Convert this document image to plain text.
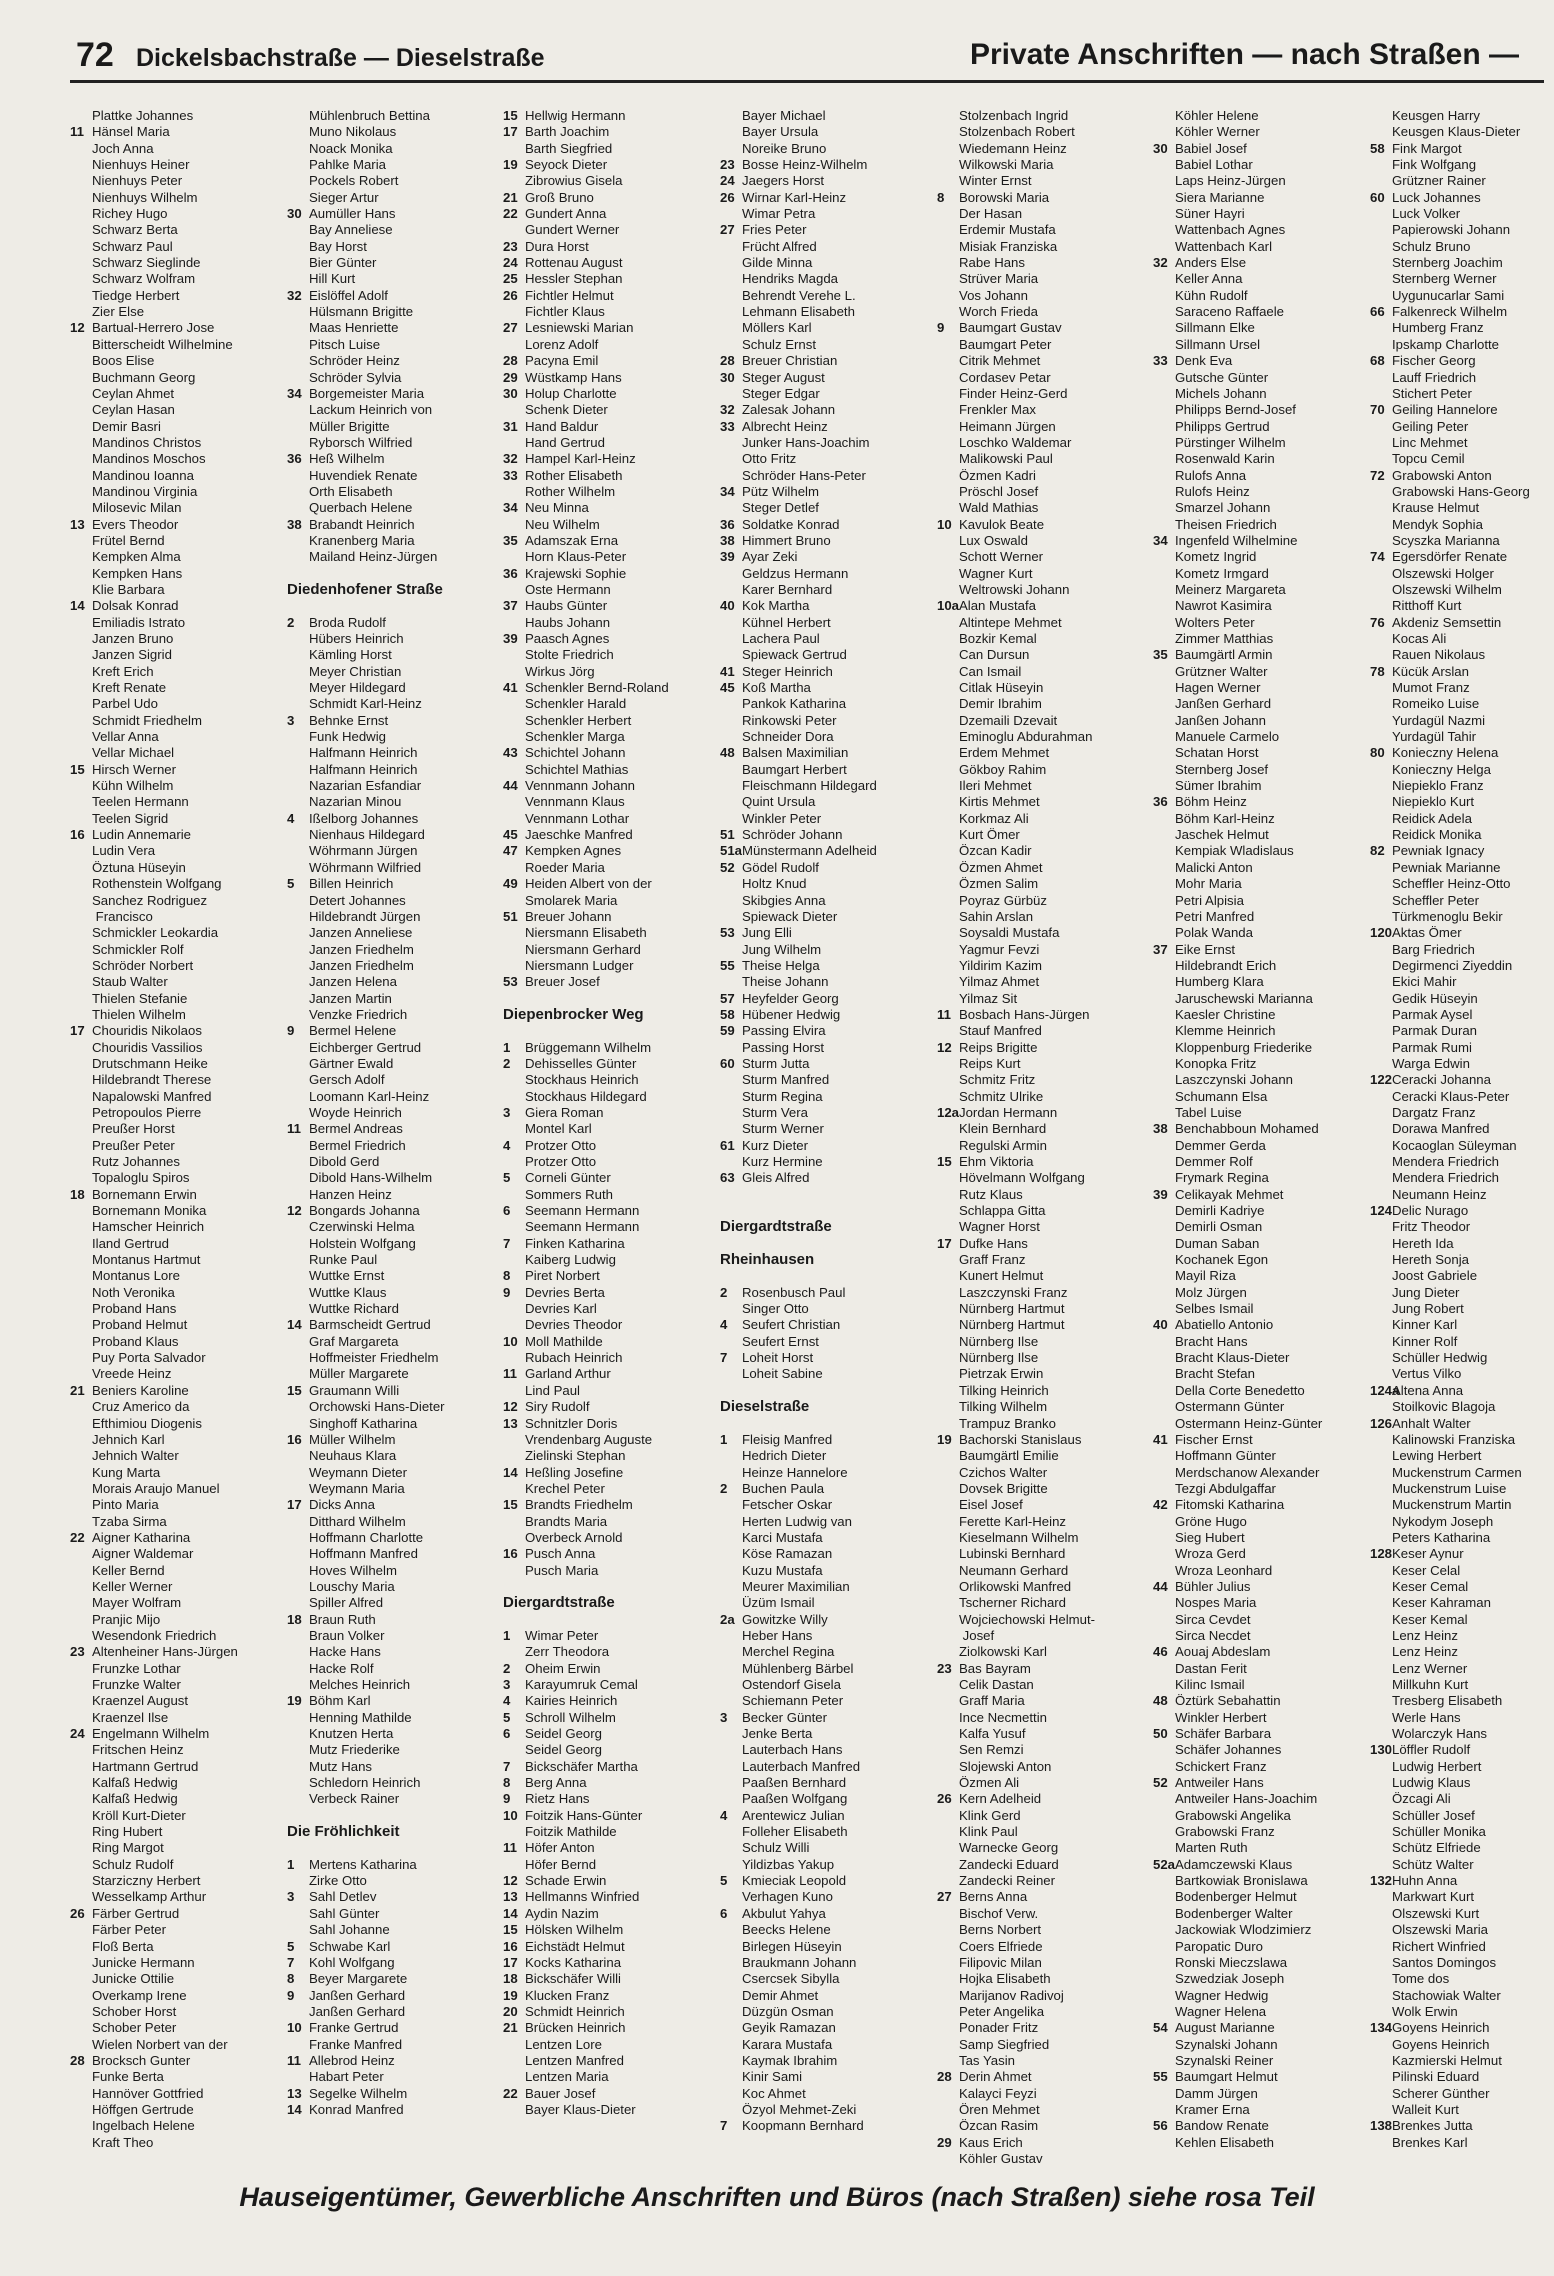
72 Dickelsbachstraße — Dieselstraße	Private Anschriften — nach Straßen —
Plattke Johannes
11 Hänsel Maria
Joch Anna
Nienhuys Heiner
Nienhuys Peter
Nienhuys Wilhelm
Richey Hugo
Schwarz Berta
Schwarz Paul
Schwarz Sieglinde
Schwarz Wolfram
Tiedge Herbert
Zier Else
12 Bartual-Herrero Jose
Bitterscheidt Wilhelmine
Boos Elise
Buchmann Georg
Ceylan Ahmet
Ceylan Hasan
Demir Basri
Mandinos Christos
Mandinos Moschos
Mandinou Ioanna
Mandinou Virginia
Milosevic Milan
13 Evers Theodor
Frütel Bernd
Kempken Alma
Kempken Hans
Klie Barbara
14 Dolsak Konrad
Emiliadis Istrato
Janzen Bruno
Janzen Sigrid
Kreft Erich
Kreft Renate
Parbel Udo
Schmidt Friedhelm
Vellar Anna
Vellar Michael
15 Hirsch Werner
Kühn Wilhelm
Teelen Hermann
Teelen Sigrid
16 Ludin Annemarie
Ludin Vera
Öztuna Hüseyin
Rothenstein Wolfgang
Sanchez Rodriguez
Francisco
Schmickler Leokardia
Schmickler Rolf
Schröder Norbert
Staub Walter
Thielen Stefanie
Thielen Wilhelm
17 Chouridis Nikolaos
Chouridis Vassilios
Drutschmann Heike
Hildebrandt Therese
Napalowski Manfred
Petropoulos Pierre
Preußer Horst
Preußer Peter
Rutz Johannes
Topaloglu Spiros
18 Bornemann Erwin
Bornemann Monika
Hamscher Heinrich
Iland Gertrud
Montanus Hartmut
Montanus Lore
Noth Veronika
Proband Hans
Proband Helmut
Proband Klaus
Puy Porta Salvador
Vreede Heinz
21 Beniers Karoline
Cruz Americo da
Efthimiou Diogenis
Jehnich Karl
Jehnich Walter
Kung Marta
Morais Araujo Manuel
Pinto Maria
Tzaba Sirma
22 Aigner Katharina
Aigner Waldemar
Keller Bernd
Keller Werner
Mayer Wolfram
Pranjic Mijo
Wesendonk Friedrich
23 Altenheiner Hans-Jürgen
Frunzke Lothar
Frunzke Walter
Kraenzel August
Kraenzel Ilse
24 Engelmann Wilhelm
Fritschen Heinz
Hartmann Gertrud
Kalfaß Hedwig
Kalfaß Hedwig
Kröll Kurt-Dieter
Ring Hubert
Ring Margot
Schulz Rudolf
Starziczny Herbert
Wesselkamp Arthur
26 Färber Gertrud
Färber Peter
Floß Berta
Junicke Hermann
Junicke Ottilie
Overkamp Irene
Schober Horst
Schober Peter
Wielen Norbert van der
28 Brocksch Gunter
Funke Berta
Hannöver Gottfried
Höffgen Gertrude
Ingelbach Helene
Kraft Theo
Mühlenbruch Bettina
Muno Nikolaus
Noack Monika
Pahlke Maria
Pockels Robert
Sieger Artur
30 Aumüller Hans
Bay Anneliese
Bay Horst
Bier Günter
Hill Kurt
32 Eislöffel Adolf
Hülsmann Brigitte
Maas Henriette
Pitsch Luise
Schröder Heinz
Schröder Sylvia
34 Borgemeister Maria
Lackum Heinrich von
Müller Brigitte
Ryborsch Wilfried
36 Heß Wilhelm
Huvendiek Renate
Orth Elisabeth
Querbach Helene
38 Brabandt Heinrich
Kranenberg Maria
Mailand Heinz-Jürgen
Diedenhofener Straße
2 Broda Rudolf
Hübers Heinrich
Kämling Horst
Meyer Christian
Meyer Hildegard
Schmidt Karl-Heinz
3 Behnke Ernst
Funk Hedwig
Halfmann Heinrich
Halfmann Heinrich
Nazarian Esfandiar
Nazarian Minou
4 Ißelborg Johannes
Nienhaus Hildegard
Wöhrmann Jürgen
Wöhrmann Wilfried
5 Billen Heinrich
Detert Johannes
Hildebrandt Jürgen
Janzen Anneliese
Janzen Friedhelm
Janzen Friedhelm
Janzen Helena
Janzen Martin
Venzke Friedrich
9 Bermel Helene
Eichberger Gertrud
Gärtner Ewald
Gersch Adolf
Loomann Karl-Heinz
Woyde Heinrich
11 Bermel Andreas
Bermel Friedrich
Dibold Gerd
Dibold Hans-Wilhelm
Hanzen Heinz
12 Bongards Johanna
Czerwinski Helma
Holstein Wolfgang
Runke Paul
Wuttke Ernst
Wuttke Klaus
Wuttke Richard
14 Barmscheidt Gertrud
Graf Margareta
Hoffmeister Friedhelm
Müller Margarete
15 Graumann Willi
Orchowski Hans-Dieter
Singhoff Katharina
16 Müller Wilhelm
Neuhaus Klara
Weymann Dieter
Weymann Maria
17 Dicks Anna
Ditthard Wilhelm
Hoffmann Charlotte
Hoffmann Manfred
Hoves Wilhelm
Louschy Maria
Spiller Alfred
18 Braun Ruth
Braun Volker
Hacke Hans
Hacke Rolf
Melches Heinrich
19 Böhm Karl
Henning Mathilde
Knutzen Herta
Mutz Friederike
Mutz Hans
Schledorn Heinrich
Verbeck Rainer
Die Fröhlichkeit
1 Mertens Katharina
Zirke Otto
3 Sahl Detlev
Sahl Günter
Sahl Johanne
5 Schwabe Karl
7 Kohl Wolfgang
8 Beyer Margarete
9 Janßen Gerhard
Janßen Gerhard
10 Franke Gertrud
Franke Manfred
11 Allebrod Heinz
Habart Peter
13 Segelke Wilhelm
14 Konrad Manfred
15 Hellwig Hermann
17 Barth Joachim
Barth Siegfried
19 Seyock Dieter
Zibrowius Gisela
21 Groß Bruno
22 Gundert Anna
Gundert Werner
23 Dura Horst
24 Rottenau August
25 Hessler Stephan
26 Fichtler Helmut
Fichtler Klaus
27 Lesniewski Marian
Lorenz Adolf
28 Pacyna Emil
29 Wüstkamp Hans
30 Holup Charlotte
Schenk Dieter
31 Hand Baldur
Hand Gertrud
32 Hampel Karl-Heinz
33 Rother Elisabeth
Rother Wilhelm
34 Neu Minna
Neu Wilhelm
35 Adamszak Erna
Horn Klaus-Peter
36 Krajewski Sophie
Oste Hermann
37 Haubs Günter
Haubs Johann
39 Paasch Agnes
Stolte Friedrich
Wirkus Jörg
41 Schenkler Bernd-Roland
Schenkler Harald
Schenkler Herbert
Schenkler Marga
43 Schichtel Johann
Schichtel Mathias
44 Vennmann Johann
Vennmann Klaus
Vennmann Lothar
45 Jaeschke Manfred
47 Kempken Agnes
Roeder Maria
49 Heiden Albert von der
Smolarek Maria
51 Breuer Johann
Niersmann Elisabeth
Niersmann Gerhard
Niersmann Ludger
53 Breuer Josef
Diepenbrocker Weg
1 Brüggemann Wilhelm
2 Dehisselles Günter
Stockhaus Heinrich
Stockhaus Hildegard
3 Giera Roman
Montel Karl
4 Protzer Otto
Protzer Otto
5 Corneli Günter
Sommers Ruth
6 Seemann Hermann
Seemann Hermann
7 Finken Katharina
Kaiberg Ludwig
8 Piret Norbert
9 Devries Berta
Devries Karl
Devries Theodor
10 Moll Mathilde
Rubach Heinrich
11 Garland Arthur
Lind Paul
12 Siry Rudolf
13 Schnitzler Doris
Vrendenbarg Auguste
Zielinski Stephan
14 Heßling Josefine
Krechel Peter
15 Brandts Friedhelm
Brandts Maria
Overbeck Arnold
16 Pusch Anna
Pusch Maria
Diergardtstraße
1 Wimar Peter
Zerr Theodora
2 Oheim Erwin
3 Karayumruk Cemal
4 Kairies Heinrich
5 Schroll Wilhelm
6 Seidel Georg
Seidel Georg
7 Bickschäfer Martha
8 Berg Anna
9 Rietz Hans
10 Foitzik Hans-Günter
Foitzik Mathilde
11 Höfer Anton
Höfer Bernd
12 Schade Erwin
13 Hellmanns Winfried
14 Aydin Nazim
15 Hölsken Wilhelm
16 Eichstädt Helmut
17 Kocks Katharina
18 Bickschäfer Willi
19 Klucken Franz
20 Schmidt Heinrich
21 Brücken Heinrich
Lentzen Lore
Lentzen Manfred
Lentzen Maria
22 Bauer Josef
Bayer Klaus-Dieter
Bayer Michael
Bayer Ursula
Noreike Bruno
23 Bosse Heinz-Wilhelm
24 Jaegers Horst
26 Wirnar Karl-Heinz
Wimar Petra
27 Fries Peter
Frücht Alfred
Gilde Minna
Hendriks Magda
Behrendt Verehe L.
Lehmann Elisabeth
Möllers Karl
Schulz Ernst
28 Breuer Christian
30 Steger August
Steger Edgar
32 Zalesak Johann
33 Albrecht Heinz
Junker Hans-Joachim
Otto Fritz
Schröder Hans-Peter
34 Pütz Wilhelm
Steger Detlef
36 Soldatke Konrad
38 Himmert Bruno
39 Ayar Zeki
Geldzus Hermann
Karer Bernhard
40 Kok Martha
Kühnel Herbert
Lachera Paul
Spiewack Gertrud
41 Steger Heinrich
45 Koß Martha
Pankok Katharina
Rinkowski Peter
Schneider Dora
48 Balsen Maximilian
Baumgart Herbert
Fleischmann Hildegard
Quint Ursula
Winkler Peter
51 Schröder Johann
51aMünstermann Adelheid
52 Gödel Rudolf
Holtz Knud
Skibgies Anna
Spiewack Dieter
53 Jung Elli
Jung Wilhelm
55 Theise Helga
Theise Johann
57 Heyfelder Georg
58 Hübener Hedwig
59 Passing Elvira
Passing Horst
60 Sturm Jutta
Sturm Manfred
Sturm Regina
Sturm Vera
Sturm Werner
61 Kurz Dieter
Kurz Hermine
63 Gleis Alfred
Diergardtstraße
Rheinhausen
2 Rosenbusch Paul
Singer Otto
4 Seufert Christian
Seufert Ernst
7 Loheit Horst
Loheit Sabine
Dieselstraße
1 Fleisig Manfred
Hedrich Dieter
Heinze Hannelore
2 Buchen Paula
Fetscher Oskar
Herten Ludwig van
Karci Mustafa
Köse Ramazan
Kuzu Mustafa
Meurer Maximilian
Üzüm Ismail
2a Gowitzke Willy
Heber Hans
Merchel Regina
Mühlenberg Bärbel
Ostendorf Gisela
Schiemann Peter
3 Becker Günter
Jenke Berta
Lauterbach Hans
Lauterbach Manfred
Paaßen Bernhard
Paaßen Wolfgang
4 Arentewicz Julian
Folleher Elisabeth
Schulz Willi
Yildizbas Yakup
5 Kmieciak Leopold
Verhagen Kuno
6 Akbulut Yahya
Beecks Helene
Birlegen Hüseyin
Braukmann Johann
Csercsek Sibylla
Demir Ahmet
Düzgün Osman
Geyik Ramazan
Karara Mustafa
Kaymak Ibrahim
Kinir Sami
Koc Ahmet
Özyol Mehmet-Zeki
7 Koopmann Bernhard
Stolzenbach Ingrid
Stolzenbach Robert
Wiedemann Heinz
Wilkowski Maria
Winter Ernst
8 Borowski Maria
Der Hasan
Erdemir Mustafa
Misiak Franziska
Rabe Hans
Strüver Maria
Vos Johann
Worch Frieda
9 Baumgart Gustav
Baumgart Peter
Citrik Mehmet
Cordasev Petar
Finder Heinz-Gerd
Frenkler Max
Heimann Jürgen
Loschko Waldemar
Malikowski Paul
Özmen Kadri
Pröschl Josef
Wald Mathias
10 Kavulok Beate
Lux Oswald
Schott Werner
Wagner Kurt
Weltrowski Johann
10aAlan Mustafa
Altintepe Mehmet
Bozkir Kemal
Can Dursun
Can Ismail
Citlak Hüseyin
Demir Ibrahim
Dzemaili Dzevait
Eminoglu Abdurahman
Erdem Mehmet
Gökboy Rahim
Ileri Mehmet
Kirtis Mehmet
Korkmaz Ali
Kurt Ömer
Özcan Kadir
Özmen Ahmet
Özmen Salim
Poyraz Gürbüz
Sahin Arslan
Soysaldi Mustafa
Yagmur Fevzi
Yildirim Kazim
Yilmaz Ahmet
Yilmaz Sit
11 Bosbach Hans-Jürgen
Stauf Manfred
12 Reips Brigitte
Reips Kurt
Schmitz Fritz
Schmitz Ulrike
12aJordan Hermann
Klein Bernhard
Regulski Armin
15 Ehm Viktoria
Hövelmann Wolfgang
Rutz Klaus
Schlappa Gitta
Wagner Horst
17 Dufke Hans
Graff Franz
Kunert Helmut
Laszczynski Franz
Nürnberg Hartmut
Nürnberg Hartmut
Nürnberg Ilse
Nürnberg Ilse
Pietrzak Erwin
Tilking Heinrich
Tilking Wilhelm
Trampuz Branko
19 Bachorski Stanislaus
Baumgärtl Emilie
Czichos Walter
Dovsek Brigitte
Eisel Josef
Ferette Karl-Heinz
Kieselmann Wilhelm
Lubinski Bernhard
Neumann Gerhard
Orlikowski Manfred
Tscherner Richard
Wojciechowski Helmut-
Josef
Ziolkowski Karl
23 Bas Bayram
Celik Dastan
Graff Maria
Ince Necmettin
Kalfa Yusuf
Sen Remzi
Slojewski Anton
Özmen Ali
26 Kern Adelheid
Klink Gerd
Klink Paul
Warnecke Georg
Zandecki Eduard
Zandecki Reiner
27 Berns Anna
Bischof Verw.
Berns Norbert
Coers Elfriede
Filipovic Milan
Hojka Elisabeth
Marijanov Radivoj
Peter Angelika
Ponader Fritz
Samp Siegfried
Tas Yasin
28 Derin Ahmet
Kalayci Feyzi
Ören Mehmet
Özcan Rasim
29 Kaus Erich
Köhler Gustav
Köhler Helene
Köhler Werner
30 Babiel Josef
Babiel Lothar
Laps Heinz-Jürgen
Siera Marianne
Süner Hayri
Wattenbach Agnes
Wattenbach Karl
32 Anders Else
Keller Anna
Kühn Rudolf
Saraceno Raffaele
Sillmann Elke
Sillmann Ursel
33 Denk Eva
Gutsche Günter
Michels Johann
Philipps Bernd-Josef
Philipps Gertrud
Pürstinger Wilhelm
Rosenwald Karin
Rulofs Anna
Rulofs Heinz
Smarzel Johann
Theisen Friedrich
34 Ingenfeld Wilhelmine
Kometz Ingrid
Kometz Irmgard
Meinerz Margareta
Nawrot Kasimira
Wolters Peter
Zimmer Matthias
35 Baumgärtl Armin
Grützner Walter
Hagen Werner
Janßen Gerhard
Janßen Johann
Manuele Carmelo
Schatan Horst
Sternberg Josef
Sümer Ibrahim
36 Böhm Heinz
Böhm Karl-Heinz
Jaschek Helmut
Kempiak Wladislaus
Malicki Anton
Mohr Maria
Petri Alpisia
Petri Manfred
Polak Wanda
37 Eike Ernst
Hildebrandt Erich
Humberg Klara
Jaruschewski Marianna
Kaesler Christine
Klemme Heinrich
Kloppenburg Friederike
Konopka Fritz
Laszczynski Johann
Schumann Elsa
Tabel Luise
38 Benchabboun Mohamed
Demmer Gerda
Demmer Rolf
Frymark Regina
39 Celikayak Mehmet
Demirli Kadriye
Demirli Osman
Duman Saban
Kochanek Egon
Mayil Riza
Molz Jürgen
Selbes Ismail
40 Abatiello Antonio
Bracht Hans
Bracht Klaus-Dieter
Bracht Stefan
Della Corte Benedetto
Ostermann Günter
Ostermann Heinz-Günter
41 Fischer Ernst
Hoffmann Günter
Merdschanow Alexander
Tezgi Abdulgaffar
42 Fitomski Katharina
Gröne Hugo
Sieg Hubert
Wroza Gerd
Wroza Leonhard
44 Bühler Julius
Nospes Maria
Sirca Cevdet
Sirca Necdet
46 Aouaj Abdeslam
Dastan Ferit
Kilinc Ismail
48 Öztürk Sebahattin
Winkler Herbert
50 Schäfer Barbara
Schäfer Johannes
Schickert Franz
52 Antweiler Hans
Antweiler Hans-Joachim
Grabowski Angelika
Grabowski Franz
Marten Ruth
52aAdamczewski Klaus
Bartkowiak Bronislawa
Bodenberger Helmut
Bodenberger Walter
Jackowiak Wlodzimierz
Paropatic Duro
Ronski Mieczslawa
Szwedziak Joseph
Wagner Hedwig
Wagner Helena
54 August Marianne
Szynalski Johann
Szynalski Reiner
55 Baumgart Helmut
Damm Jürgen
Kramer Erna
56 Bandow Renate
Kehlen Elisabeth
Keusgen Harry
Keusgen Klaus-Dieter
58 Fink Margot
Fink Wolfgang
Grützner Rainer
60 Luck Johannes
Luck Volker
Papierowski Johann
Schulz Bruno
Sternberg Joachim
Sternberg Werner
Uygunucarlar Sami
66 Falkenreck Wilhelm
Humberg Franz
Ipskamp Charlotte
68 Fischer Georg
Lauff Friedrich
Stichert Peter
70 Geiling Hannelore
Geiling Peter
Linc Mehmet
Topcu Cemil
72 Grabowski Anton
Grabowski Hans-Georg
Krause Helmut
Mendyk Sophia
Scyszka Marianna
74 Egersdörfer Renate
Olszewski Holger
Olszewski Wilhelm
Ritthoff Kurt
76 Akdeniz Semsettin
Kocas Ali
Rauen Nikolaus
78 Kücük Arslan
Mumot Franz
Romeiko Luise
Yurdagül Nazmi
Yurdagül Tahir
80 Konieczny Helena
Konieczny Helga
Niepieklo Franz
Niepieklo Kurt
Reidick Adela
Reidick Monika
82 Pewniak Ignacy
Pewniak Marianne
Scheffler Heinz-Otto
Scheffler Peter
Türkmenoglu Bekir
120Aktas Ömer
Barg Friedrich
Degirmenci Ziyeddin
Ekici Mahir
Gedik Hüseyin
Parmak Aysel
Parmak Duran
Parmak Rumi
Warga Edwin
122Ceracki Johanna
Ceracki Klaus-Peter
Dargatz Franz
Dorawa Manfred
Kocaoglan Süleyman
Mendera Friedrich
Mendera Friedrich
Neumann Heinz
124Delic Nurago
Fritz Theodor
Hereth Ida
Hereth Sonja
Joost Gabriele
Jung Dieter
Jung Robert
Kinner Karl
Kinner Rolf
Schüller Hedwig
Vertus Vilko
124aAltena Anna
Stoilkovic Blagoja
126Anhalt Walter
Kalinowski Franziska
Lewing Herbert
Muckenstrum Carmen
Muckenstrum Luise
Muckenstrum Martin
Nykodym Joseph
Peters Katharina
128Keser Aynur
Keser Celal
Keser Cemal
Keser Kahraman
Keser Kemal
Lenz Heinz
Lenz Heinz
Lenz Werner
Millkuhn Kurt
Tresberg Elisabeth
Werle Hans
Wolarczyk Hans
130Löffler Rudolf
Ludwig Herbert
Ludwig Klaus
Özcagi Ali
Schüller Josef
Schüller Monika
Schütz Elfriede
Schütz Walter
132Huhn Anna
Markwart Kurt
Olszewski Kurt
Olszewski Maria
Richert Winfried
Santos Domingos
Tome dos
Stachowiak Walter
Wolk Erwin
134Goyens Heinrich
Goyens Heinrich
Kazmierski Helmut
Pilinski Eduard
Scherer Günther
Walleit Kurt
138Brenkes Jutta
Brenkes Karl
Hauseigentümer, Gewerbliche Anschriften und Büros (nach Straßen) siehe rosa Teil
